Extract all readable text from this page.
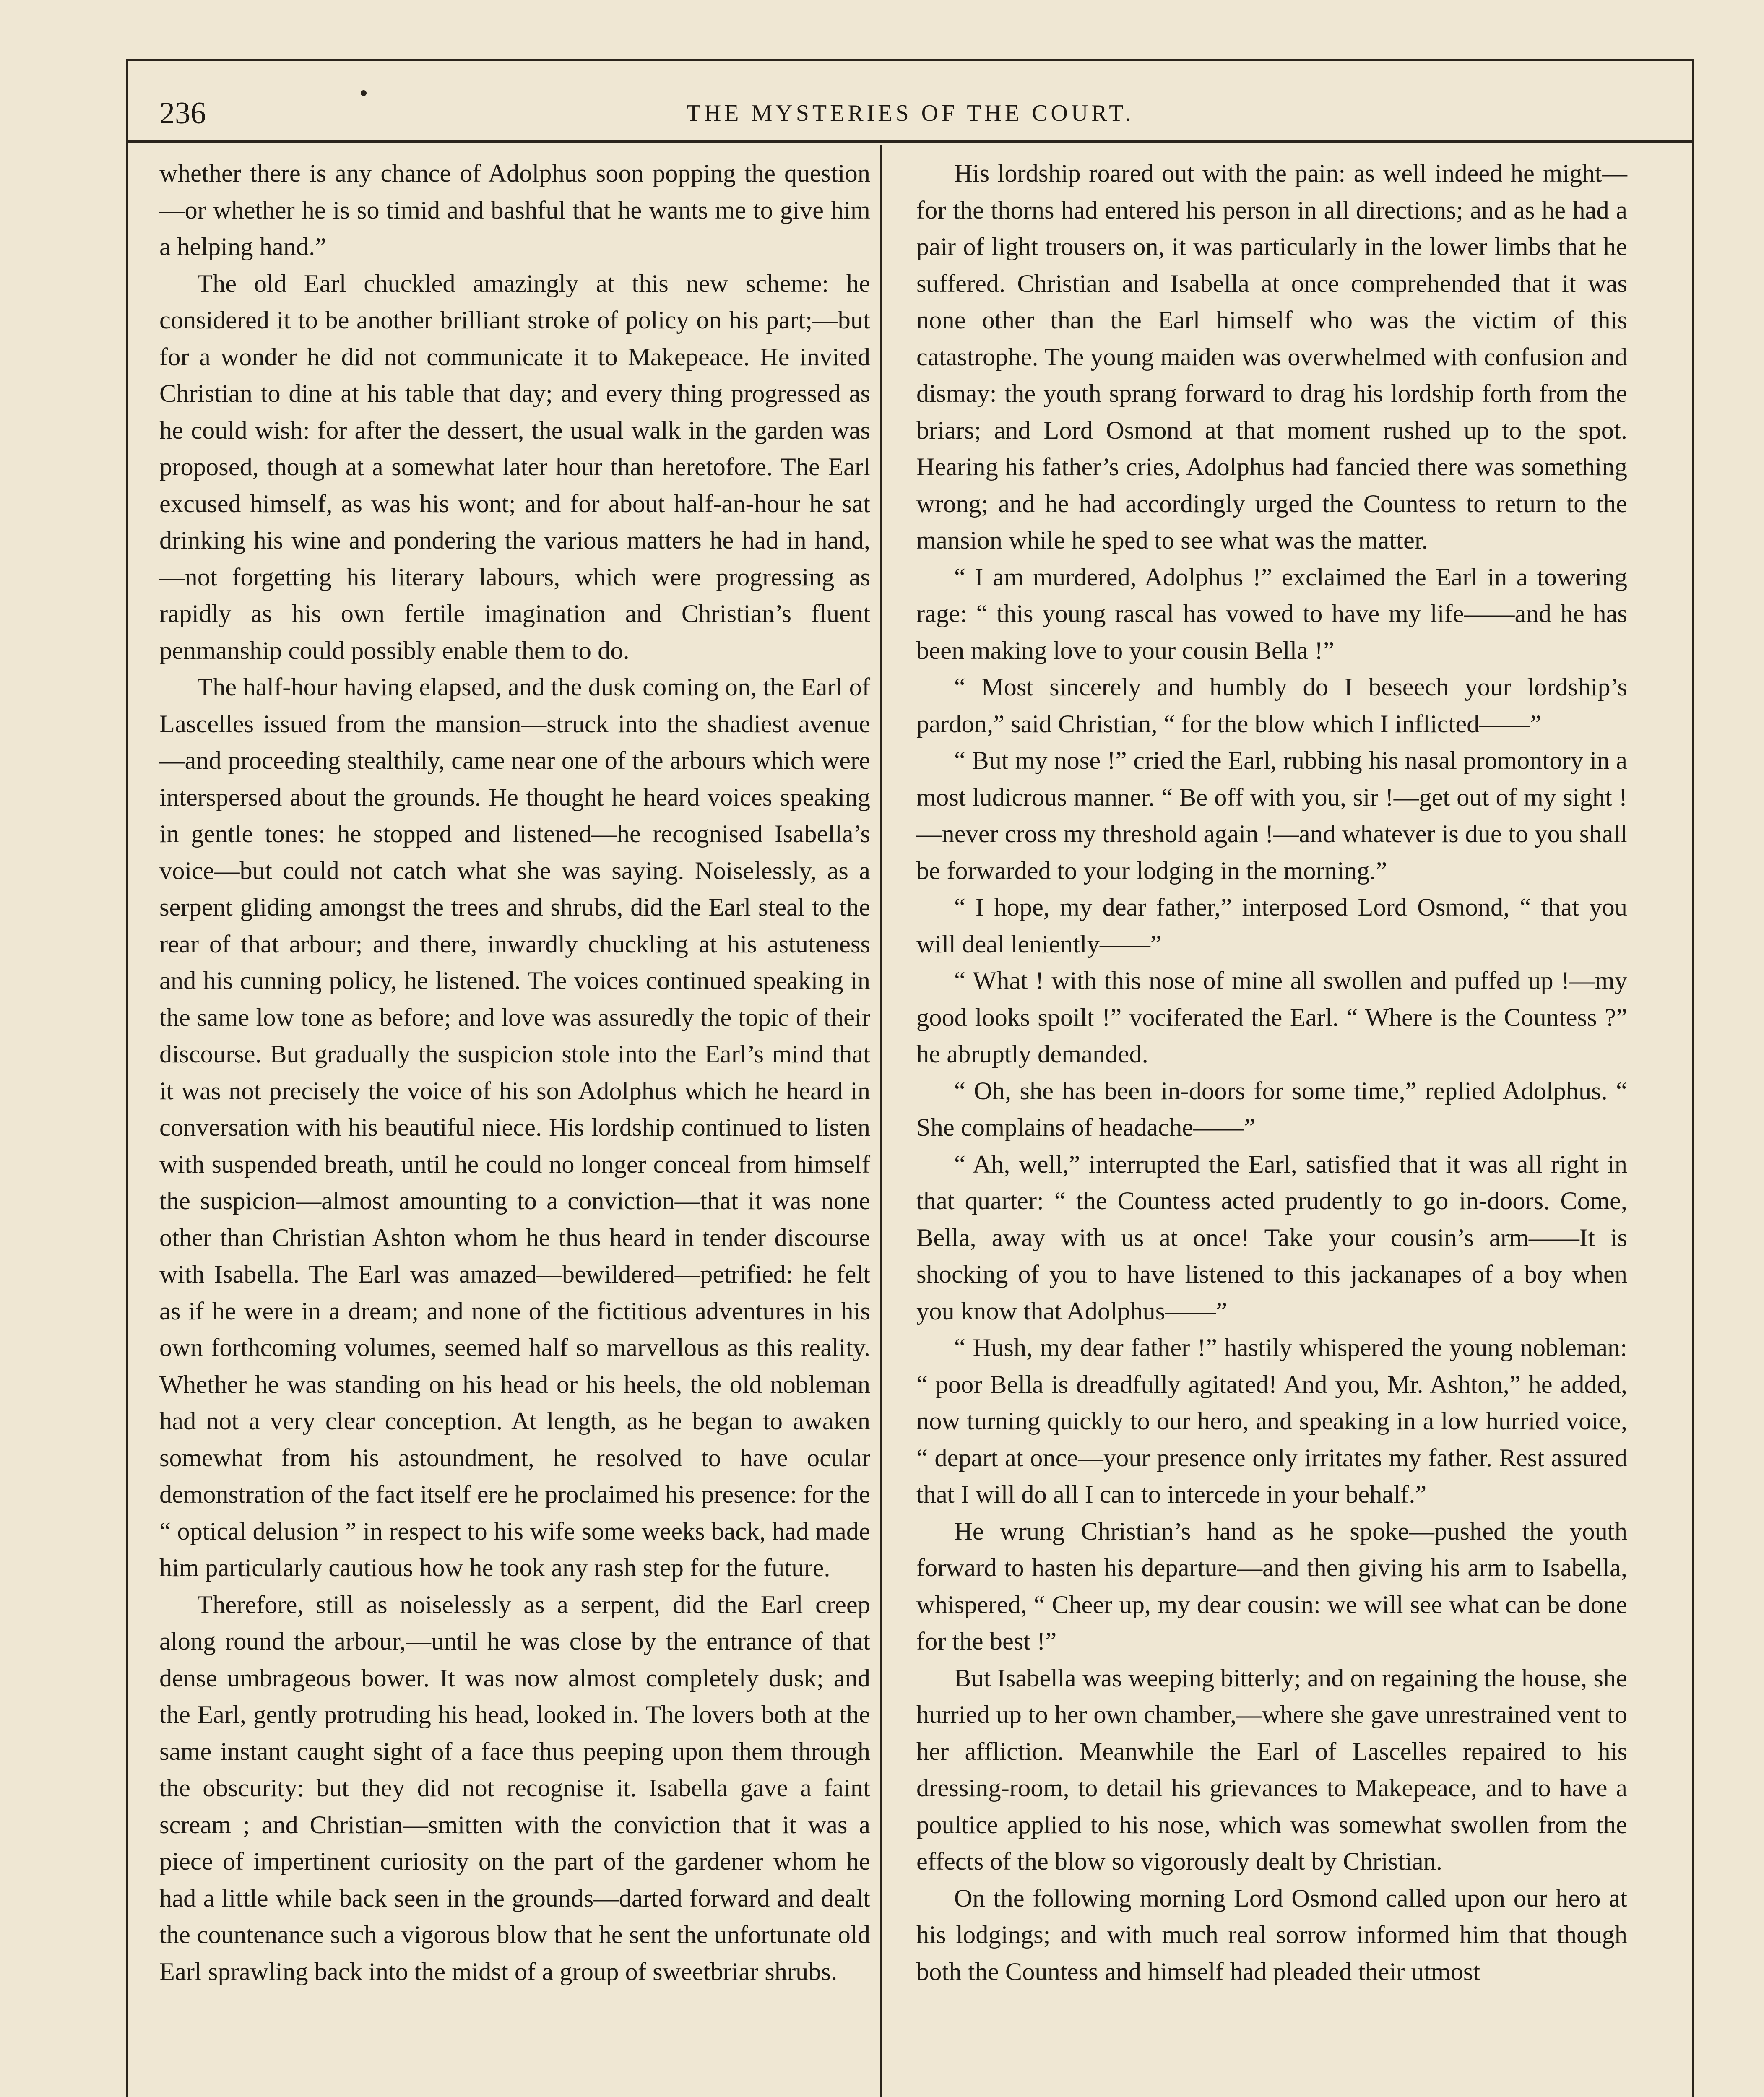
236	THE MYSTERIES OF THE COURT.

whether there is any chance of Adolphus soon popping the question—or whether he is so timid and bashful that he wants me to give him a helping hand.”

The old Earl chuckled amazingly at this new scheme: he considered it to be another brilliant stroke of policy on his part;—but for a wonder he did not communicate it to Makepeace. He invited Christian to dine at his table that day; and every thing progressed as he could wish: for after the dessert, the usual walk in the garden was proposed, though at a somewhat later hour than heretofore. The Earl excused himself, as was his wont; and for about half-an-hour he sat drinking his wine and pondering the various matters he had in hand,—not forgetting his literary labours, which were progressing as rapidly as his own fertile imagination and Christian’s fluent penmanship could possibly enable them to do.

The half-hour having elapsed, and the dusk coming on, the Earl of Lascelles issued from the mansion—struck into the shadiest avenue—and proceeding stealthily, came near one of the arbours which were interspersed about the grounds. He thought he heard voices speaking in gentle tones: he stopped and listened—he recognised Isabella’s voice—but could not catch what she was saying. Noiselessly, as a serpent gliding amongst the trees and shrubs, did the Earl steal to the rear of that arbour; and there, inwardly chuckling at his astuteness and his cunning policy, he listened. The voices continued speaking in the same low tone as before; and love was assuredly the topic of their discourse. But gradually the suspicion stole into the Earl’s mind that it was not precisely the voice of his son Adolphus which he heard in conversation with his beautiful niece. His lordship continued to listen with suspended breath, until he could no longer conceal from himself the suspicion—almost amounting to a conviction—that it was none other than Christian Ashton whom he thus heard in tender discourse with Isabella. The Earl was amazed—bewildered—petrified: he felt as if he were in a dream; and none of the fictitious adventures in his own forthcoming volumes, seemed half so marvellous as this reality. Whether he was standing on his head or his heels, the old nobleman had not a very clear conception. At length, as he began to awaken somewhat from his astoundment, he resolved to have ocular demonstration of the fact itself ere he proclaimed his presence: for the “ optical delusion ” in respect to his wife some weeks back, had made him particularly cautious how he took any rash step for the future.

Therefore, still as noiselessly as a serpent, did the Earl creep along round the arbour,—until he was close by the entrance of that dense umbrageous bower. It was now almost completely dusk; and the Earl, gently protruding his head, looked in. The lovers both at the same instant caught sight of a face thus peeping upon them through the obscurity: but they did not recognise it. Isabella gave a faint scream ; and Christian—smitten with the conviction that it was a piece of impertinent curiosity on the part of the gardener whom he had a little while back seen in the grounds—darted forward and dealt the countenance such a vigorous blow that he sent the unfortunate old Earl sprawling back into the midst of a group of sweetbriar shrubs.

His lordship roared out with the pain: as well indeed he might—for the thorns had entered his person in all directions; and as he had a pair of light trousers on, it was particularly in the lower limbs that he suffered. Christian and Isabella at once comprehended that it was none other than the Earl himself who was the victim of this catastrophe. The young maiden was overwhelmed with confusion and dismay: the youth sprang forward to drag his lordship forth from the briars; and Lord Osmond at that moment rushed up to the spot. Hearing his father’s cries, Adolphus had fancied there was something wrong; and he had accordingly urged the Countess to return to the mansion while he sped to see what was the matter.

“ I am murdered, Adolphus !” exclaimed the Earl in a towering rage: “ this young rascal has vowed to have my life——and he has been making love to your cousin Bella !”

“ Most sincerely and humbly do I beseech your lordship’s pardon,” said Christian, “ for the blow which I inflicted——”

“ But my nose !” cried the Earl, rubbing his nasal promontory in a most ludicrous manner. “ Be off with you, sir !—get out of my sight !—never cross my threshold again !—and whatever is due to you shall be forwarded to your lodging in the morning.”

“ I hope, my dear father,” interposed Lord Osmond, “ that you will deal leniently——”

“ What ! with this nose of mine all swollen and puffed up !—my good looks spoilt !” vociferated the Earl. “ Where is the Countess ?” he abruptly demanded.

“ Oh, she has been in-doors for some time,” replied Adolphus. “ She complains of headache——”

“ Ah, well,” interrupted the Earl, satisfied that it was all right in that quarter: “ the Countess acted prudently to go in-doors. Come, Bella, away with us at once! Take your cousin’s arm——It is shocking of you to have listened to this jackanapes of a boy when you know that Adolphus——”

“ Hush, my dear father !” hastily whispered the young nobleman: “ poor Bella is dreadfully agitated! And you, Mr. Ashton,” he added, now turning quickly to our hero, and speaking in a low hurried voice, “ depart at once—your presence only irritates my father. Rest assured that I will do all I can to intercede in your behalf.”

He wrung Christian’s hand as he spoke—pushed the youth forward to hasten his departure—and then giving his arm to Isabella, whispered, “ Cheer up, my dear cousin: we will see what can be done for the best !”

But Isabella was weeping bitterly; and on regaining the house, she hurried up to her own chamber,—where she gave unrestrained vent to her affliction. Meanwhile the Earl of Lascelles repaired to his dressing-room, to detail his grievances to Makepeace, and to have a poultice applied to his nose, which was somewhat swollen from the effects of the blow so vigorously dealt by Christian.

On the following morning Lord Osmond called upon our hero at his lodgings; and with much real sorrow informed him that though both the Countess and himself had pleaded their utmost
